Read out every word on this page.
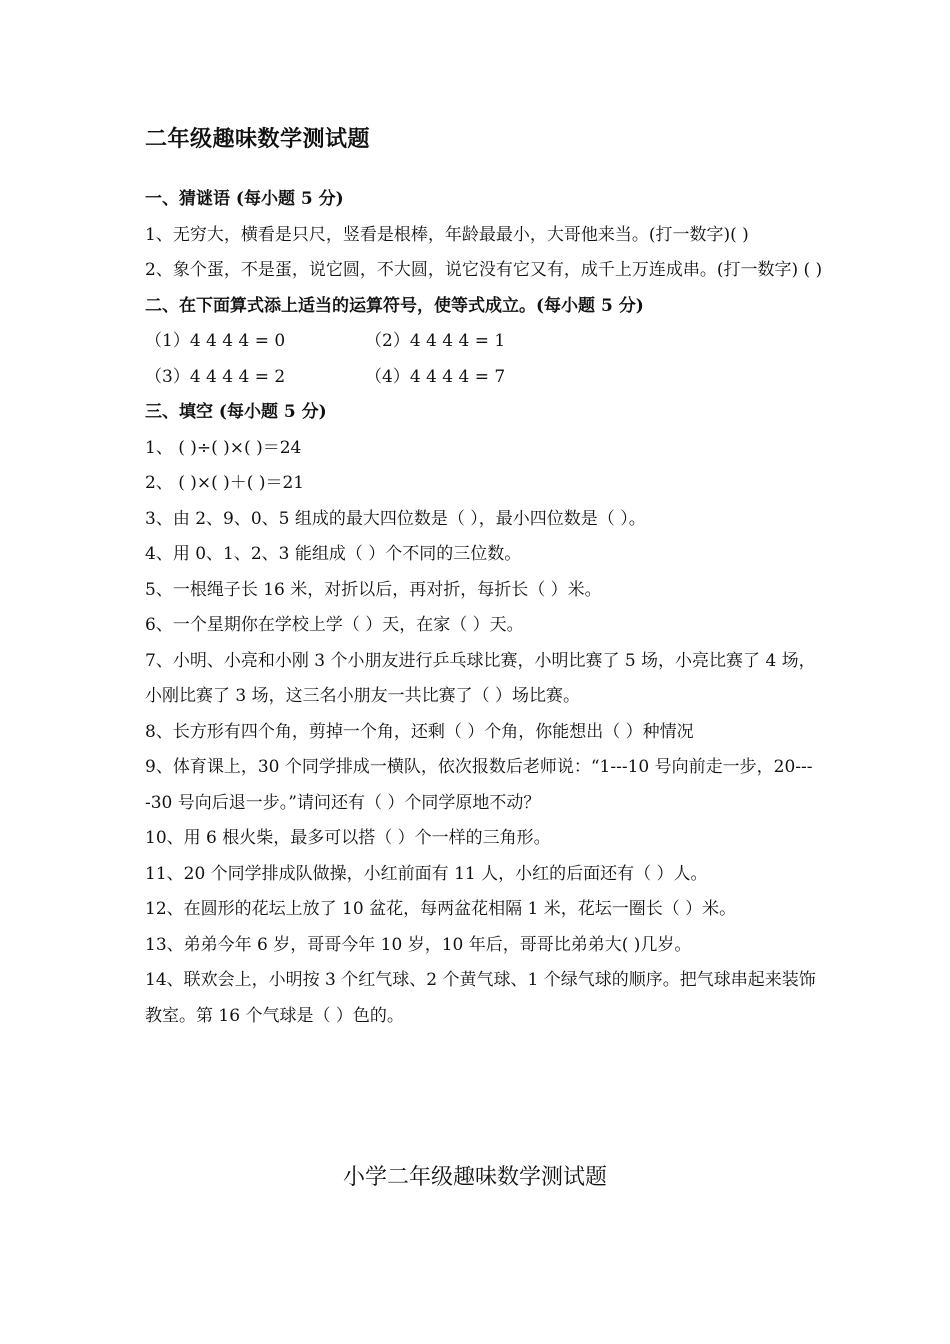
二年级趣味数学测试题

一、猜谜语 (每小题 5 分)

1、无穷大，横看是只尺，竖看是根棒，年龄最最小，大哥他来当。(打一数字)( )

2、象个蛋，不是蛋，说它圆，不大圆，说它没有它又有，成千上万连成串。(打一数字) ( )

二、在下面算式添上适当的运算符号，使等式成立。(每小题 5 分)

（1）4 4 4 4 = 0	（2）4 4 4 4 = 1
（3）4 4 4 4 = 2	（4）4 4 4 4 = 7

三、填空 (每小题 5 分)

1、 ( )÷( )×( )＝24

2、 ( )×( )＋( )＝21

3、由 2、9、0、5 组成的最大四位数是（ ），最小四位数是（ ）。

4、用 0、1、2、3 能组成（ ）个不同的三位数。

5、一根绳子长 16 米，对折以后，再对折，每折长（ ）米。

6、一个星期你在学校上学（ ）天，在家（ ）天。

7、小明、小亮和小刚 3 个小朋友进行乒乓球比赛，小明比赛了 5 场，小亮比赛了 4 场，小刚比赛了 3 场，这三名小朋友一共比赛了（ ）场比赛。

8、长方形有四个角，剪掉一个角，还剩（ ）个角，你能想出（ ）种情况

9、体育课上，30 个同学排成一横队，依次报数后老师说：“1---10 号向前走一步，20----30 号向后退一步。”请问还有（ ）个同学原地不动？

10、用 6 根火柴，最多可以搭（ ）个一样的三角形。

11、20 个同学排成队做操，小红前面有 11 人，小红的后面还有（ ）人。

12、在圆形的花坛上放了 10 盆花，每两盆花相隔 1 米，花坛一圈长（ ）米。

13、弟弟今年 6 岁，哥哥今年 10 岁，10 年后，哥哥比弟弟大( )几岁。

14、联欢会上，小明按 3 个红气球、2 个黄气球、1 个绿气球的顺序。把气球串起来装饰教室。第 16 个气球是（ ）色的。

小学二年级趣味数学测试题
